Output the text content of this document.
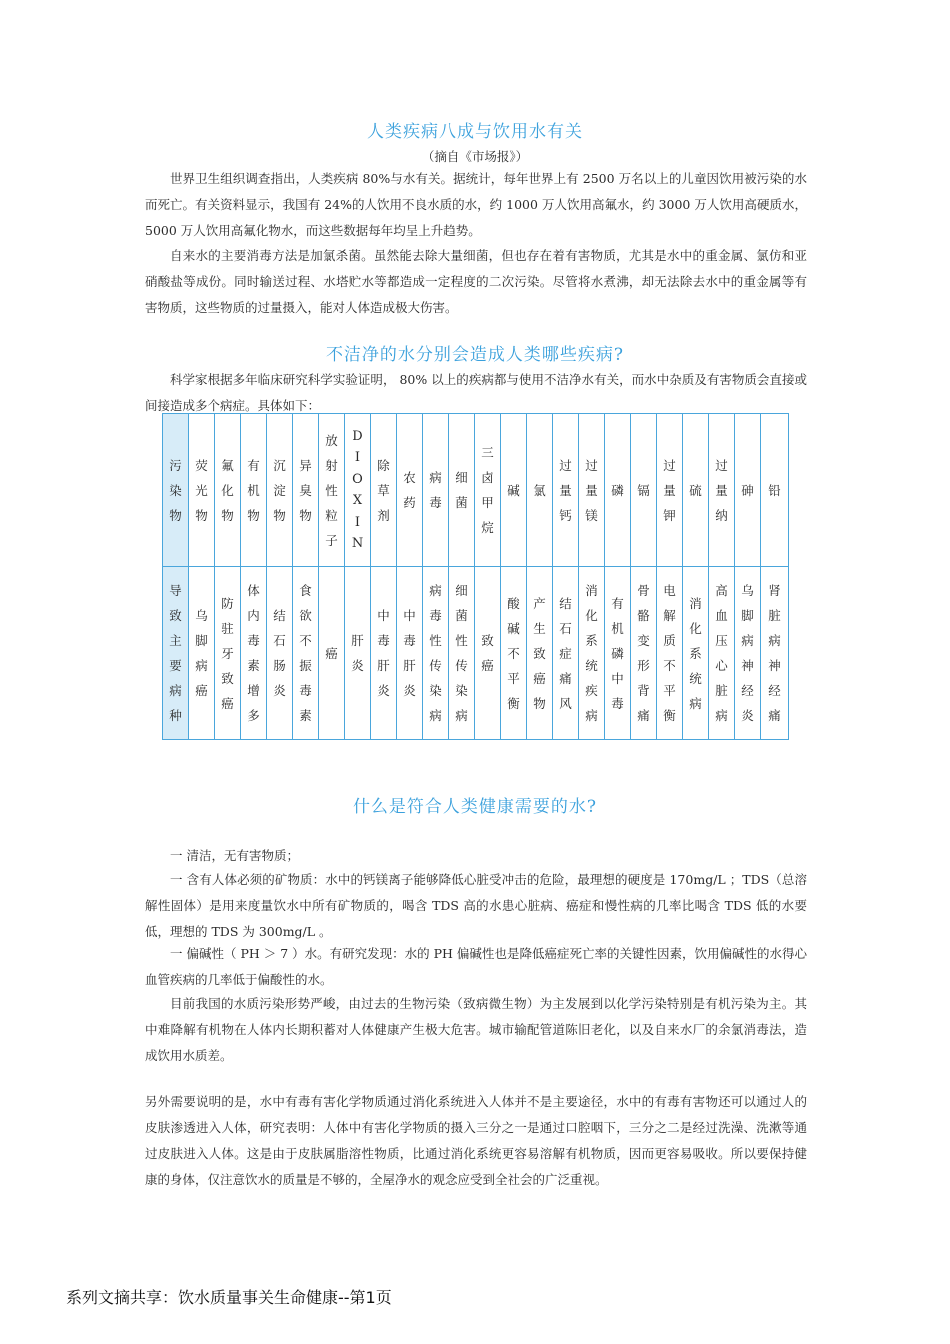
人类疾病八成与饮用水有关
（摘自《市场报》）

世界卫生组织调查指出，人类疾病 80%与水有关。据统计，每年世界上有 2500 万名以上的儿童因饮用被污染的水而死亡。有关资料显示，我国有 24%的人饮用不良水质的水，约 1000 万人饮用高氟水，约 3000 万人饮用高硬质水，5000 万人饮用高氟化物水，而这些数据每年均呈上升趋势。

自来水的主要消毒方法是加氯杀菌。虽然能去除大量细菌，但也存在着有害物质，尤其是水中的重金属、氯仿和亚硝酸盐等成份。同时输送过程、水塔贮水等都造成一定程度的二次污染。尽管将水煮沸，却无法除去水中的重金属等有害物质，这些物质的过量摄入，能对人体造成极大伤害。

不洁净的水分别会造成人类哪些疾病?

科学家根据多年临床研究科学实验证明， 80% 以上的疾病都与使用不洁净水有关，而水中杂质及有害物质会直接或间接造成多个病症。具体如下：

污染物	荧光物	氟化物	有机物	沉淀物	异臭物	放射性粒子	DIOXIN	除草剂	农药	病毒	细菌	三卤甲烷	碱	氯	过量钙	过量镁	磷	镉	过量钾	硫	过量纳	砷	铅
导致主要病种	乌脚病 癌	防驻牙 致癌	体内毒素增多	结石 肠炎	食欲不振 毒素	癌	肝炎	中毒 肝炎	中毒 肝炎	病毒性传染病	细菌性传染病	致癌	酸碱不平衡	产生致癌物	结石症痛风	消化系统疾病	有机磷中毒	骨骼变形 背痛	电解质不平衡	消化系统病	高血压 心脏病	乌脚病 神经炎	肾脏病 神经痛
什么是符合人类健康需要的水?

一 清洁，无有害物质；

一 含有人体必须的矿物质：水中的钙镁离子能够降低心脏受冲击的危险，最理想的硬度是 170mg/L ；TDS（总溶解性固体）是用来度量饮水中所有矿物质的，喝含 TDS 高的水患心脏病、癌症和慢性病的几率比喝含 TDS 低的水要低，理想的 TDS 为 300mg/L 。

一 偏碱性（ PH ＞ 7 ）水。有研究发现：水的 PH 偏碱性也是降低癌症死亡率的关键性因素，饮用偏碱性的水得心血管疾病的几率低于偏酸性的水。

目前我国的水质污染形势严峻，由过去的生物污染（致病微生物）为主发展到以化学污染特别是有机污染为主。其中难降解有机物在人体内长期积蓄对人体健康产生极大危害。城市输配管道陈旧老化，以及自来水厂的余氯消毒法，造成饮用水质差。

另外需要说明的是，水中有毒有害化学物质通过消化系统进入人体并不是主要途径，水中的有毒有害物还可以通过人的皮肤渗透进入人体，研究表明：人体中有害化学物质的摄入三分之一是通过口腔咽下，三分之二是经过洗澡、洗漱等通过皮肤进入人体。这是由于皮肤属脂溶性物质，比通过消化系统更容易溶解有机物质，因而更容易吸收。所以要保持健康的身体，仅注意饮水的质量是不够的，全屋净水的观念应受到全社会的广泛重视。

系列文摘共享：饮水质量事关生命健康--第1页
